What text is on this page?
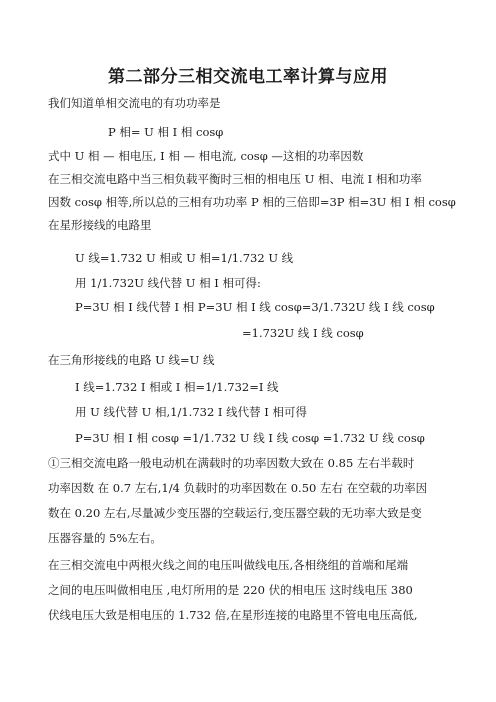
第二部分三相交流电工率计算与应用
我们知道单相交流电的有功功率是
P 相= U 相 I 相 cosφ
式中 U 相 — 相电压, I 相 — 相电流, cosφ —这相的功率因数
在三相交流电路中当三相负载平衡时三相的相电压 U 相、电流 I 相和功率
因数 cosφ 相等,所以总的三相有功功率 P 相的三倍即=3P 相=3U 相 I 相 cosφ
在星形接线的电路里
U 线=1.732 U 相或 U 相=1/1.732 U 线
用 1/1.732U 线代替 U 相 I 相可得:
P=3U 相 I 线代替 I 相 P=3U 相 I 线 cosφ=3/1.732U 线 I 线 cosφ
=1.732U 线 I 线 cosφ
在三角形接线的电路 U 线=U 线
I 线=1.732 I 相或 I 相=1/1.732=I 线
用 U 线代替 U 相,1/1.732 I 线代替 I 相可得
P=3U 相 I 相 cosφ =1/1.732 U 线 I 线 cosφ =1.732 U 线 cosφ
①三相交流电路一般电动机在满载时的功率因数大致在 0.85 左右半载时
功率因数 在 0.7 左右,1/4 负载时的功率因数在 0.50 左右 在空载的功率因
数在 0.20 左右,尽量减少变压器的空载运行,变压器空载的无功率大致是变
压器容量的 5%左右。
在三相交流电中两根火线之间的电压叫做线电压,各相绕组的首端和尾端
之间的电压叫做相电压 ,电灯所用的是 220 伏的相电压 这时线电压 380
伏线电压大致是相电压的 1.732 倍,在星形连接的电路里不管电电压高低,
